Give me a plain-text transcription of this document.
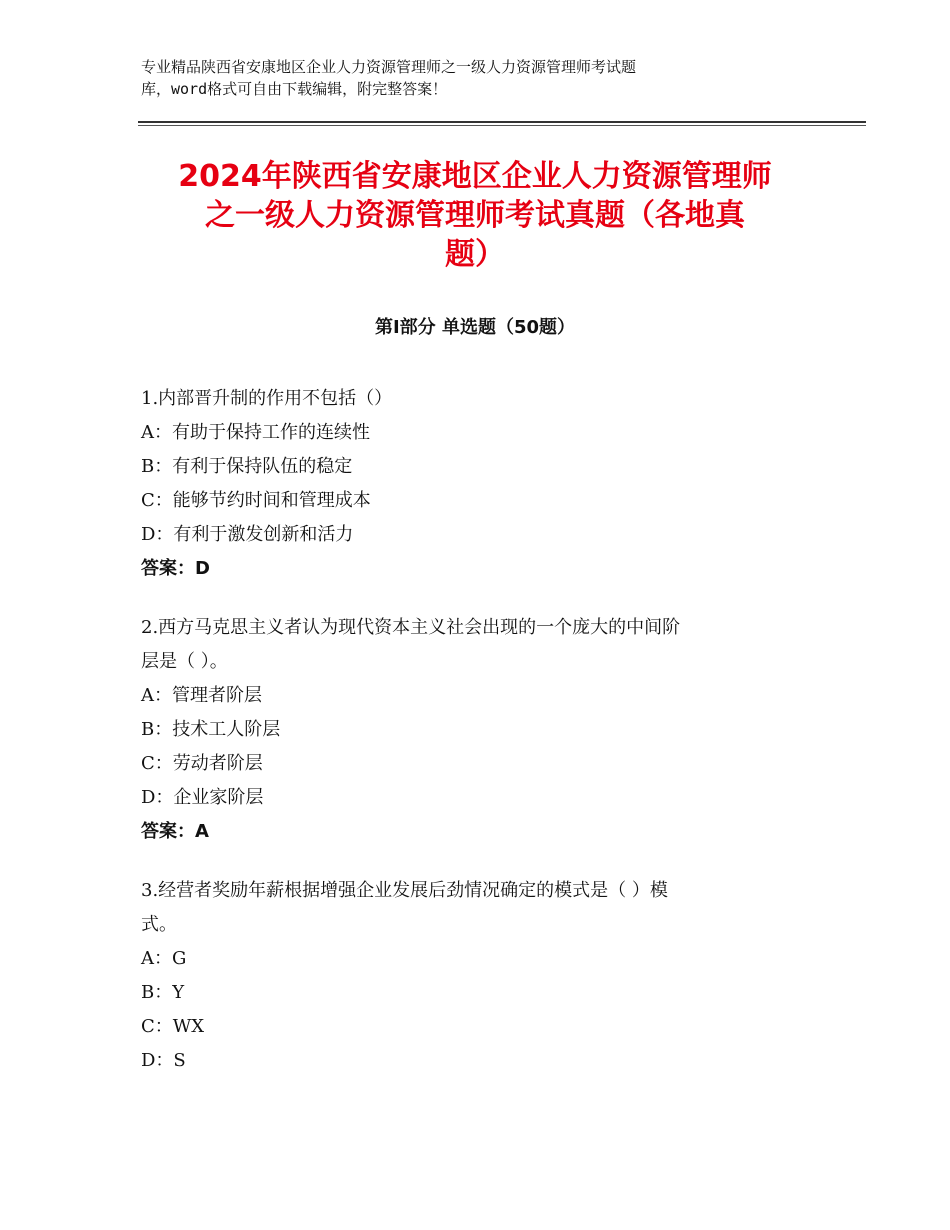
专业精品陕西省安康地区企业人力资源管理师之一级人力资源管理师考试题
库，word格式可自由下载编辑，附完整答案！
2024年陕西省安康地区企业人力资源管理师
之一级人力资源管理师考试真题（各地真
题）
第Ⅰ部分 单选题（50题）
1.内部晋升制的作用不包括（）
A：有助于保持工作的连续性
B：有利于保持队伍的稳定
C：能够节约时间和管理成本
D：有利于激发创新和活力
答案：D
2.西方马克思主义者认为现代资本主义社会出现的一个庞大的中间阶
层是（ ）。
A：管理者阶层
B：技术工人阶层
C：劳动者阶层
D：企业家阶层
答案：A
3.经营者奖励年薪根据增强企业发展后劲情况确定的模式是（ ）模
式。
A：G
B：Y
C：WX
D：S
